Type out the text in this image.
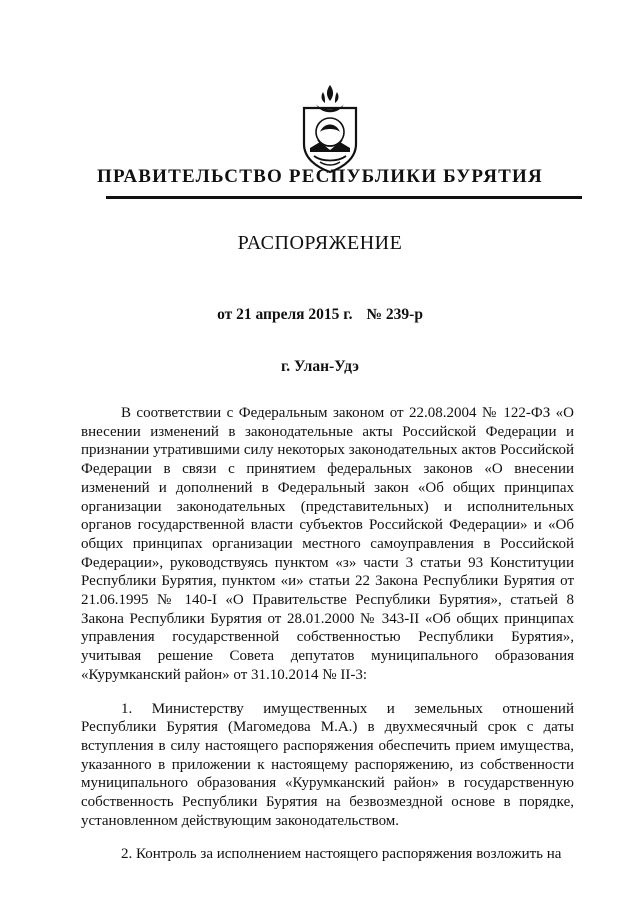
ПРАВИТЕЛЬСТВО РЕСПУБЛИКИ БУРЯТИЯ
РАСПОРЯЖЕНИЕ
от 21 апреля 2015 г. № 239-р
г. Улан-Удэ

В соответствии с Федеральным законом от 22.08.2004 № 122-ФЗ «О внесении изменений в законодательные акты Российской Федерации и признании утратившими силу некоторых законодательных актов Российской Федерации в связи с принятием федеральных законов «О внесении изменений и дополнений в Федеральный закон «Об общих принципах организации законодательных (представительных) и исполнительных органов государственной власти субъектов Российской Федерации» и «Об общих принципах организации местного самоуправления в Российской Федерации», руководствуясь пунктом «з» части 3 статьи 93 Конституции Республики Бурятия, пунктом «и» статьи 22 Закона Республики Бурятия от 21.06.1995 № 140-I «О Правительстве Республики Бурятия», статьей 8 Закона Республики Бурятия от 28.01.2000 № 343-II «Об общих принципах управления государственной собственностью Республики Бурятия», учитывая решение Совета депутатов муниципального образования «Курумканский район» от 31.10.2014 № II-3:

1. Министерству имущественных и земельных отношений Республики Бурятия (Магомедова М.А.) в двухмесячный срок с даты вступления в силу настоящего распоряжения обеспечить прием имущества, указанного в приложении к настоящему распоряжению, из собственности муниципального образования «Курумканский район» в государственную собственность Республики Бурятия на безвозмездной основе в порядке, установленном действующим законодательством.

2. Контроль за исполнением настоящего распоряжения возложить на
